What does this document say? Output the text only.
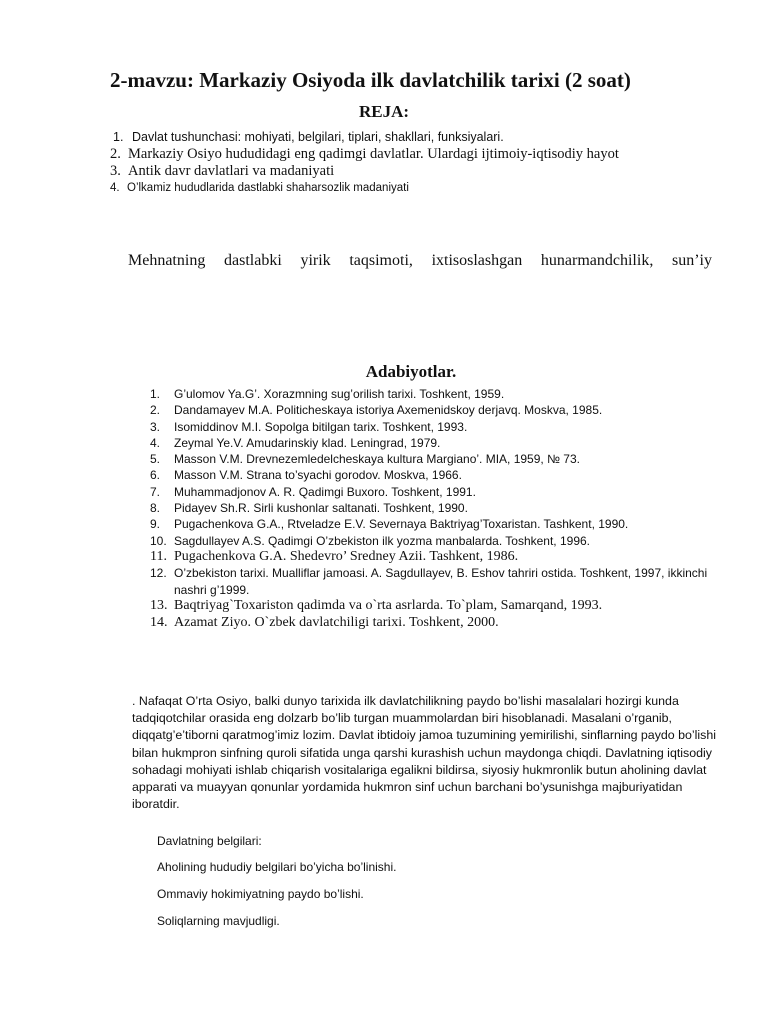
2-mavzu: Markaziy Osiyoda ilk davlatchilik tarixi (2 soat)
REJA:
1. Davlat tushunchasi: mohiyati, belgilari, tiplari, shakllari, funksiyalari.
2. Markaziy Osiyo hududidagi eng qadimgi davlatlar. Ulardagi ijtimoiy-iqtisodiy hayot
3. Antik davr davlatlari va madaniyati
4. O’lkamiz hududlarida dastlabki shaharsozlik madaniyati
Mehnatning dastlabki yirik taqsimoti, ixtisoslashgan hunarmandchilik, sun’iy
Adabiyotlar.
1.	G’ulomov Ya.G’. Xorazmning sug’orilish tarixi. Toshkent, 1959.
2.	Dandamayev M.A. Politicheskaya istoriya Axemenidskoy derjavq. Moskva, 1985.
3.	Isomiddinov M.I. Sopolga bitilgan tarix. Toshkent, 1993.
4.	Zeymal Ye.V. Amudarinskiy klad. Leningrad, 1979.
5.	Masson V.M. Drevnezemledelcheskaya kultura Margiano’. MIA, 1959, № 73.
6.	Masson V.M. Strana to’syachi gorodov. Moskva, 1966.
7.	Muhammadjonov A. R. Qadimgi Buxoro. Toshkent, 1991.
8.	Pidayev Sh.R. Sirli kushonlar saltanati. Toshkent, 1990.
9.	Pugachenkova G.A., Rtveladze E.V. Severnaya Baktriyag’Toxaristan. Tashkent, 1990.
10. Sagdullayev A.S. Qadimgi O’zbekiston ilk yozma manbalarda. Toshkent, 1996.
11. Pugachenkova G.A. Shedevro’ Sredney Azii. Tashkent, 1986.
12. O’zbekiston tarixi. Mualliflar jamoasi. A. Sagdullayev, B. Eshov tahriri ostida. Toshkent, 1997, ikkinchi nashri g’1999.
13. Baqtriyag`Toxariston qadimda va o`rta asrlarda. To`plam, Samarqand, 1993.
14. Azamat Ziyo. O`zbek davlatchiligi tarixi. Toshkent, 2000.
. Nafaqat O’rta Osiyo, balki dunyo tarixida ilk davlatchilikning paydo bo’lishi masalalari hozirgi kunda tadqiqotchilar orasida eng dolzarb bo’lib turgan muammolardan biri hisoblanadi. Masalani o’rganib, diqqatg’e’tiborni qaratmog’imiz lozim. Davlat ibtidoiy jamoa tuzumining yemirilishi, sinflarning paydo bo’lishi bilan hukmpron sinfning quroli sifatida unga qarshi kurashish uchun maydonga chiqdi. Davlatning iqtisodiy sohadagi mohiyati ishlab chiqarish vositalariga egalikni bildirsa, siyosiy hukmronlik butun aholining davlat apparati va muayyan qonunlar yordamida hukmron sinf uchun barchani bo’ysunishga majburiyatidan iboratdir.
Davlatning belgilari:
Aholining hududiy belgilari bo’yicha bo’linishi.
Ommaviy hokimiyatning paydo bo’lishi.
Soliqlarning mavjudligi.
